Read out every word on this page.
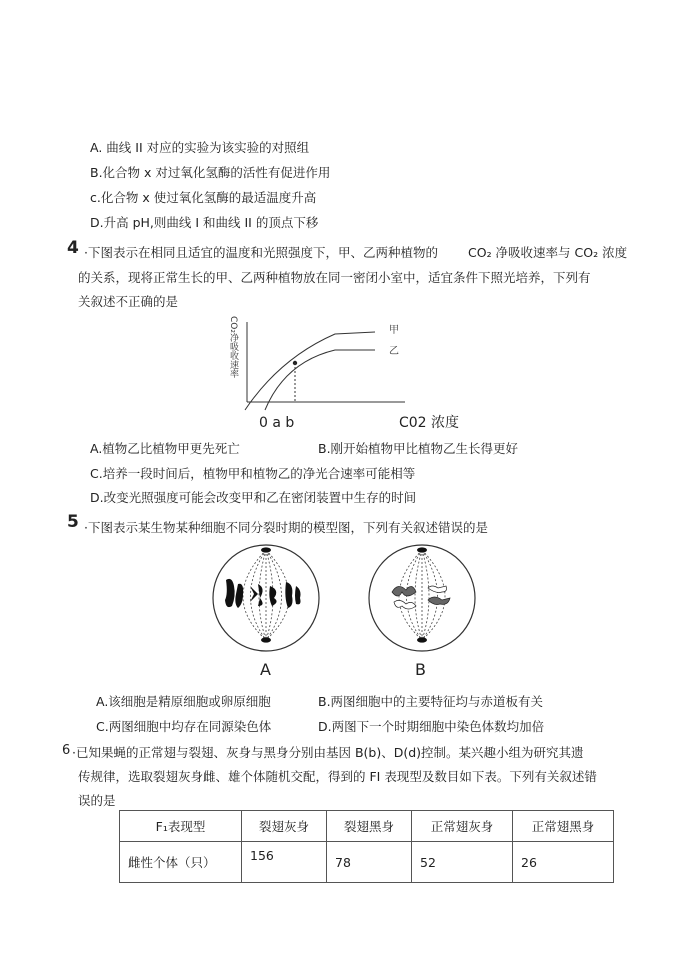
A. 曲线 II 对应的实验为该实验的对照组
B.化合物 x 对过氧化氢酶的活性有促进作用
c.化合物 x 使过氧化氢酶的最适温度升高
D.升高 pH,则曲线 I 和曲线 II 的顶点下移
4 ·下图表示在相同且适宜的温度和光照强度下，甲、乙两种植物的 CO₂ 净吸收速率与 CO₂ 浓度
的关系，现将正常生长的甲、乙两种植物放在同一密闭小室中，适宜条件下照光培养，下列有
关叙述不正确的是
CO₂净吸收速率	甲
乙
0 a b	C02 浓度
A.植物乙比植物甲更先死亡	B.刚开始植物甲比植物乙生长得更好
C.培养一段时间后，植物甲和植物乙的净光合速率可能相等
D.改变光照强度可能会改变甲和乙在密闭装置中生存的时间
5 ·下图表示某生物某种细胞不同分裂时期的模型图，下列有关叙述错误的是
A	B
A.该细胞是精原细胞或卵原细胞	B.两图细胞中的主要特征均与赤道板有关
C.两图细胞中均存在同源染色体	D.两图下一个时期细胞中染色体数均加倍
6 ·已知果蝇的正常翅与裂翅、灰身与黑身分别由基因 B(b)、D(d)控制。某兴趣小组为研究其遗
传规律，选取裂翅灰身雌、雄个体随机交配，得到的 FI 表现型及数目如下表。下列有关叙述错
误的是
F₁表现型	裂翅灰身	裂翅黑身	正常翅灰身	正常翅黑身
雌性个体（只）	156	78	52	26
